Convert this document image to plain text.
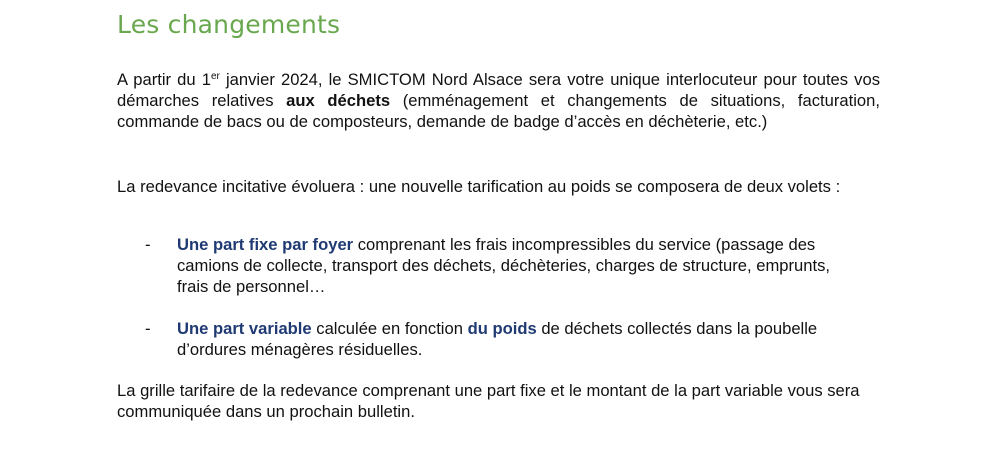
Les changements

A partir du 1er janvier 2024, le SMICTOM Nord Alsace sera votre unique interlocuteur pour toutes vos démarches relatives aux déchets (emménagement et changements de situations, facturation, commande de bacs ou de composteurs, demande de badge d’accès en déchèterie, etc.)

La redevance incitative évoluera : une nouvelle tarification au poids se composera de deux volets :

- Une part fixe par foyer comprenant les frais incompressibles du service (passage des camions de collecte, transport des déchets, déchèteries, charges de structure, emprunts, frais de personnel…
- Une part variable calculée en fonction du poids de déchets collectés dans la poubelle d’ordures ménagères résiduelles.

La grille tarifaire de la redevance comprenant une part fixe et le montant de la part variable vous sera communiquée dans un prochain bulletin.
